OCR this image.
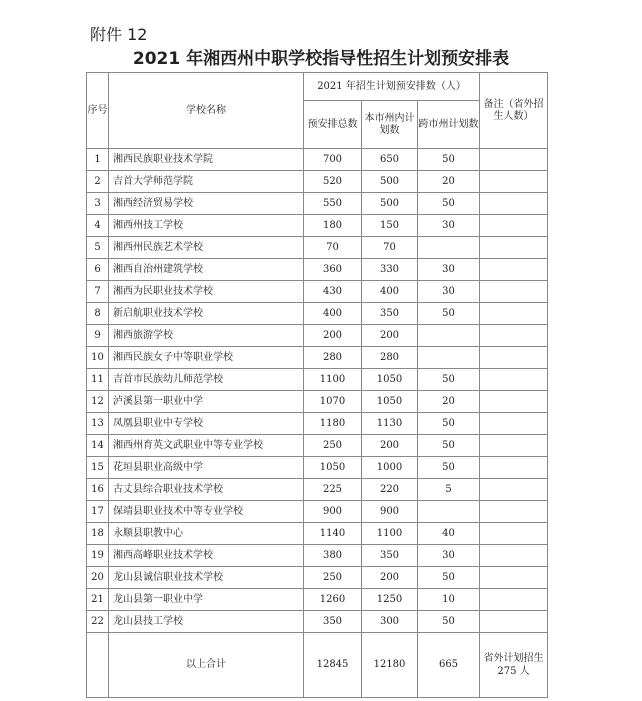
附件 12
2021 年湘西州中职学校指导性招生计划预安排表
序号	学校名称	2021 年招生计划预安排数（人）			备注（省外招生人数）
		预安排总数	本市州内计划数	跨市州计划数	
1	湘西民族职业技术学院	700	650	50	
2	吉首大学师范学院	520	500	20	
3	湘西经济贸易学校	550	500	50	
4	湘西州技工学校	180	150	30	
5	湘西州民族艺术学校	70	70		
6	湘西自治州建筑学校	360	330	30	
7	湘西为民职业技术学校	430	400	30	
8	新启航职业技术学校	400	350	50	
9	湘西旅游学校	200	200		
10	湘西民族女子中等职业学校	280	280		
11	吉首市民族幼儿师范学校	1100	1050	50	
12	泸溪县第一职业中学	1070	1050	20	
13	凤凰县职业中专学校	1180	1130	50	
14	湘西州育英文武职业中等专业学校	250	200	50	
15	花垣县职业高级中学	1050	1000	50	
16	古丈县综合职业技术学校	225	220	5	
17	保靖县职业技术中等专业学校	900	900		
18	永顺县职教中心	1140	1100	40	
19	湘西高峰职业技术学校	380	350	30	
20	龙山县诚信职业技术学校	250	200	50	
21	龙山县第一职业中学	1260	1250	10	
22	龙山县技工学校	350	300	50	
	以上合计	12845	12180	665	省外计划招生 275 人
